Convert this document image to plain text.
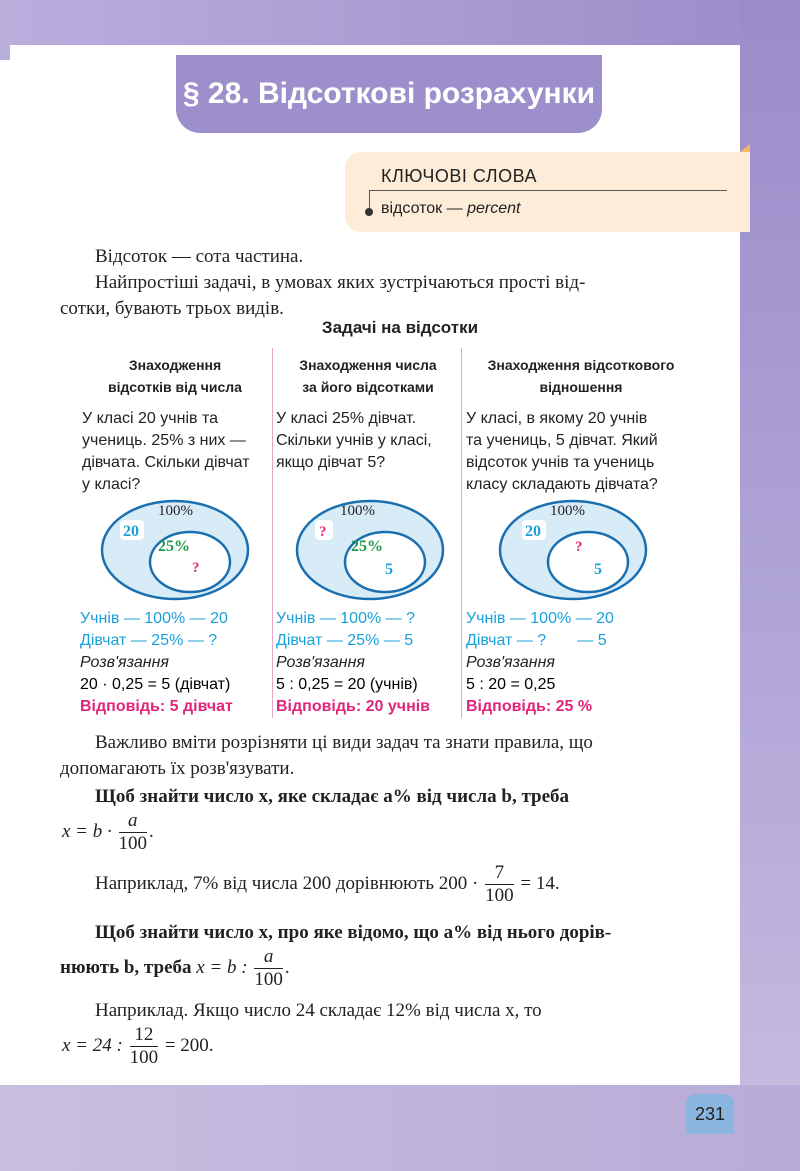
§ 28. Відсоткові розрахунки
КЛЮЧОВІ СЛОВА
відсоток — percent
Відсоток — сота частина.
Найпростіші задачі, в умовах яких зустрічаються прості від-
сотки, бувають трьох видів.
Задачі на відсотки
Знаходження
відсотків від числа
У класі 20 учнів та
учениць. 25% з них —
дівчата. Скільки дівчат
у класі?
Знаходження числа
за його відсотками
У класі 25% дівчат.
Скільки учнів у класі,
якщо дівчат 5?
Знаходження відсоткового
відношення
У класі, в якому 20 учнів
та учениць, 5 дівчат. Який
відсоток учнів та учениць
класу складають дівчата?
100%
20
25%
?
100%
?
25%
5
100%
20
?
5
Учнів — 100% — 20
Дівчат — 25% — ?
Розв'язання
20 · 0,25 = 5 (дівчат)
Відповідь: 5 дівчат
Учнів — 100% — ?
Дівчат — 25% — 5
Розв'язання
5 : 0,25 = 20 (учнів)
Відповідь: 20 учнів
Учнів — 100% — 20
Дівчат — ?       — 5
Розв'язання
5 : 20 = 0,25
Відповідь: 25 %
Важливо вміти розрізняти ці види задач та знати правила, що
допомагають їх розв'язувати.
Щоб знайти число x, яке складає a% від числа b, треба
$x = b \cdot \frac{a}{100}$ .
Наприклад, 7% від числа 200 дорівнюють $200 \cdot \frac{7}{100} = 14$.
Щоб знайти число x, про яке відомо, що a% від нього дорів-
нюють b, треба x = b : $\frac{a}{100}$ .
Наприклад. Якщо число 24 складає 12% від числа x, то
x = 24 : $\frac{12}{100} = 200$.
231
